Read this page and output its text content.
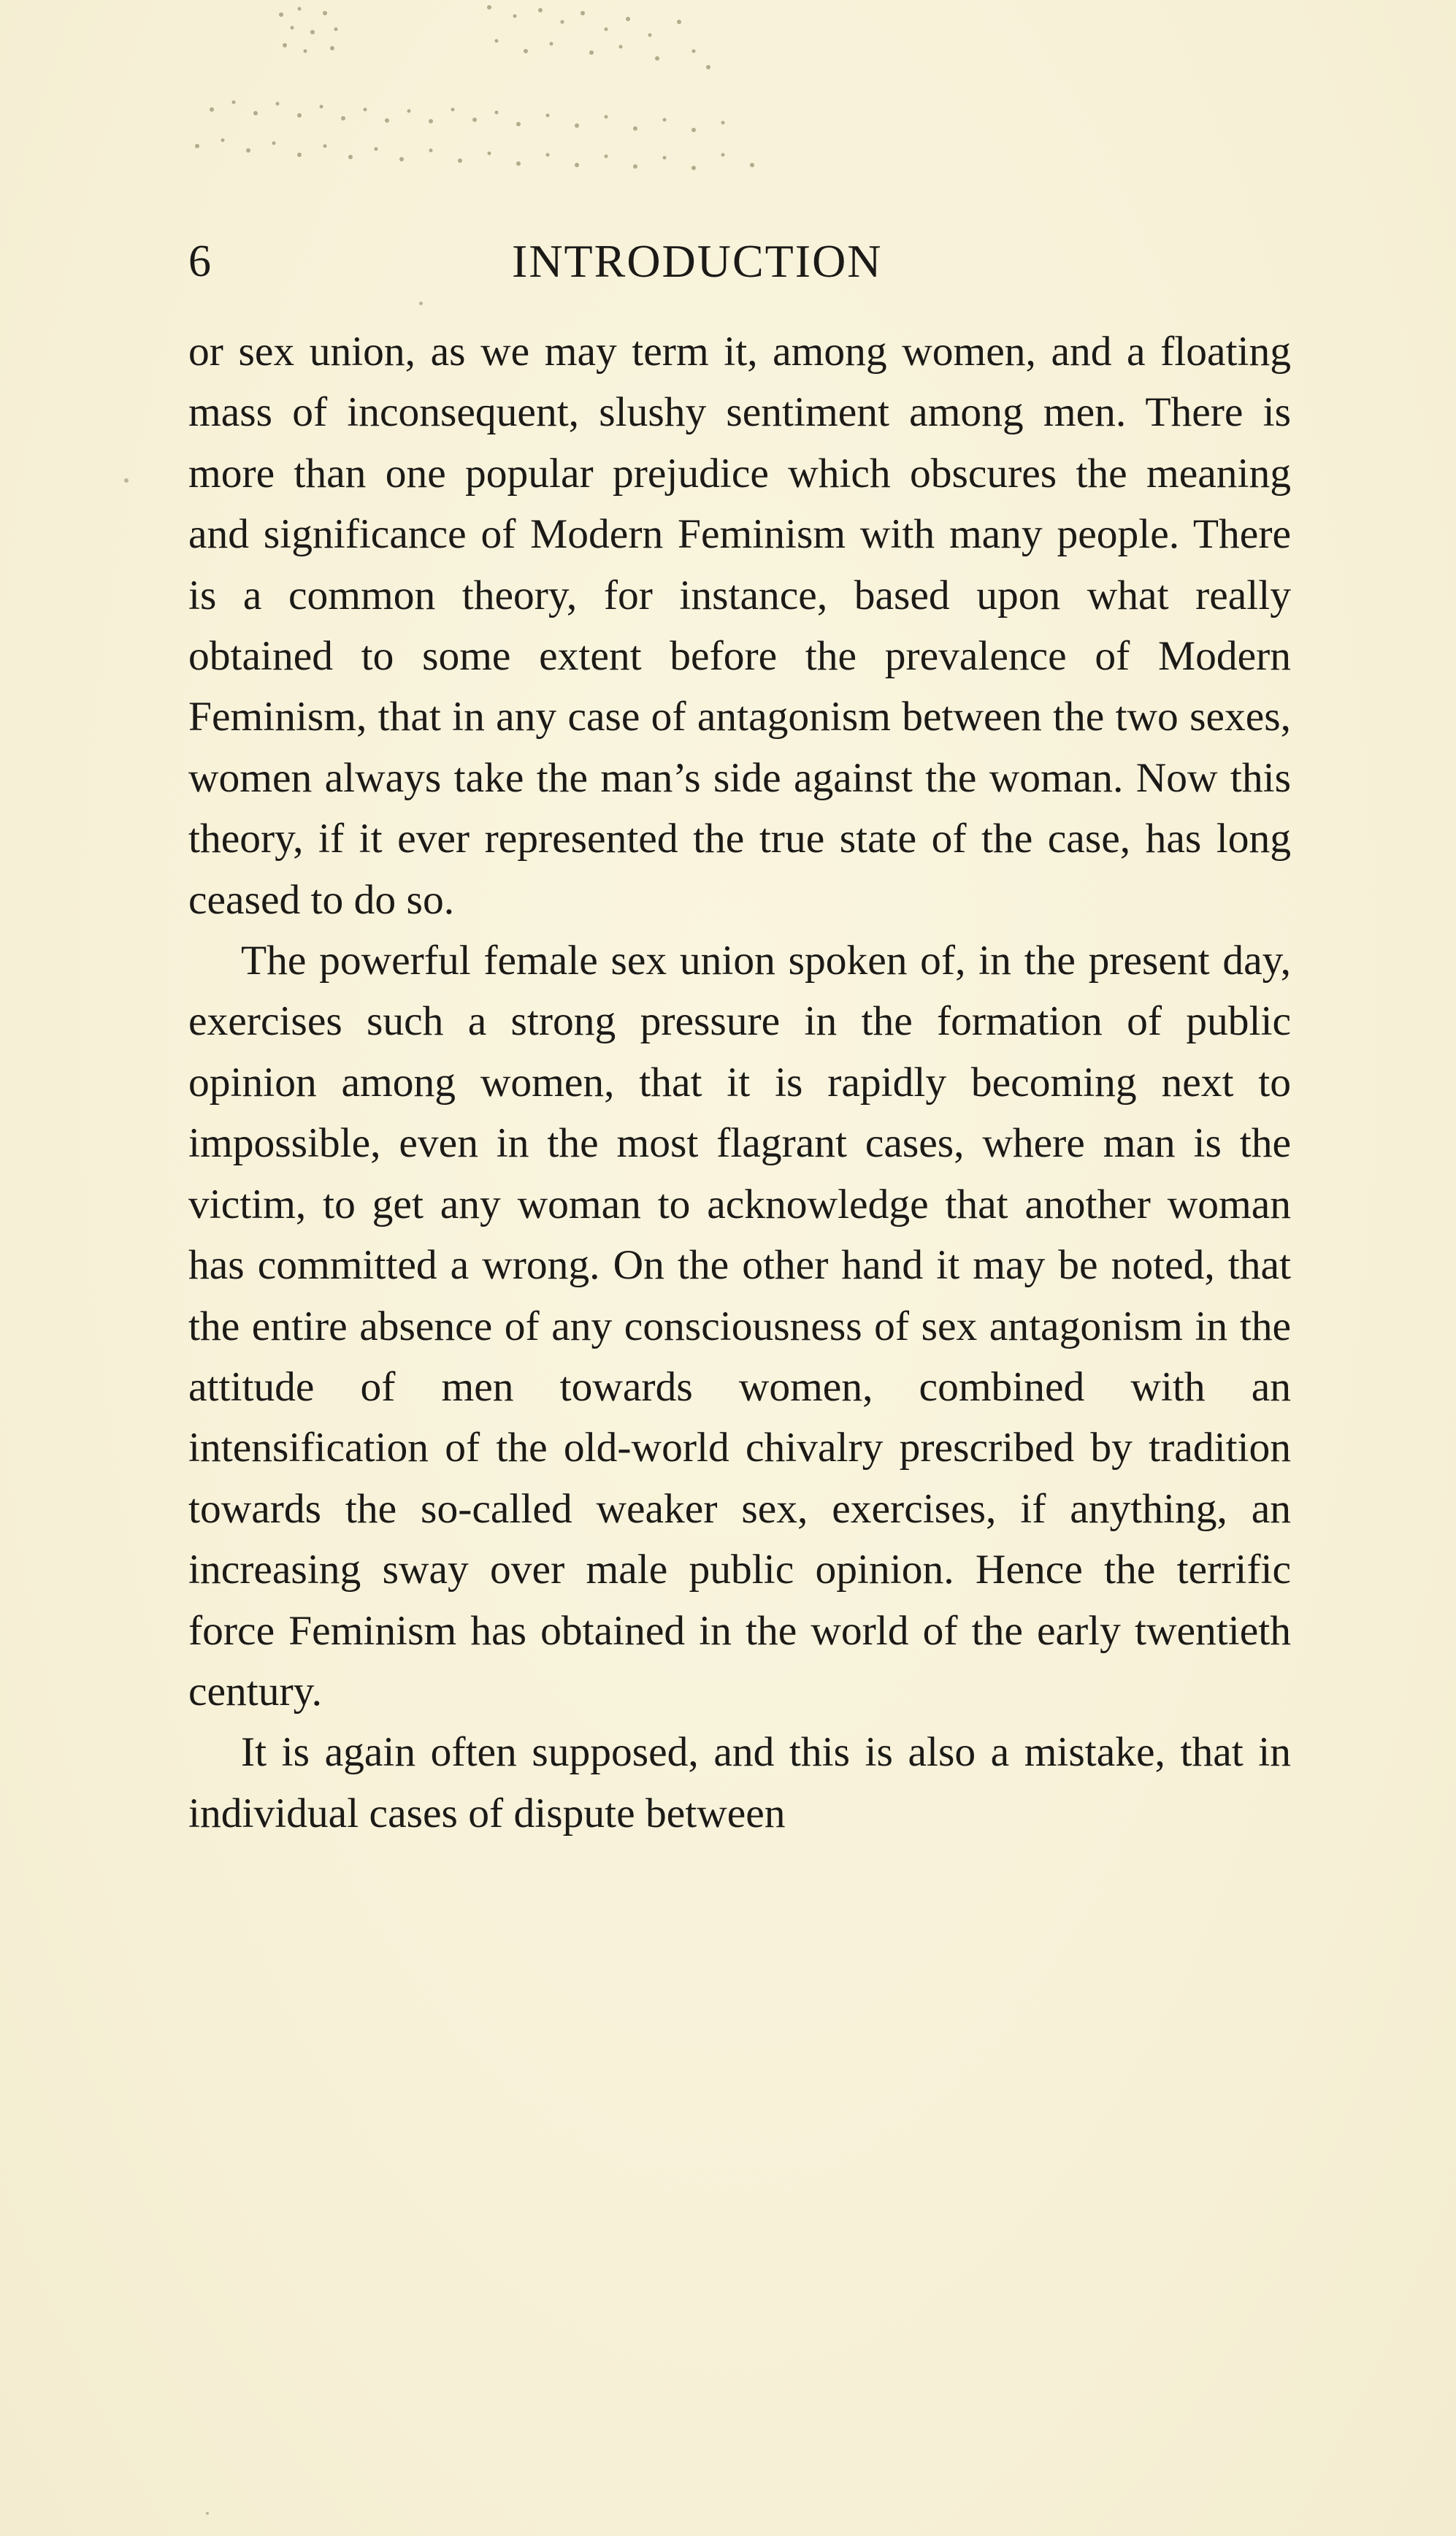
6	INTRODUCTION

or sex union, as we may term it, among women, and a floating mass of inconsequent, slushy sentiment among men. There is more than one popular prejudice which obscures the meaning and significance of Modern Feminism with many people. There is a common theory, for instance, based upon what really obtained to some extent before the prevalence of Modern Feminism, that in any case of antagonism between the two sexes, women always take the man’s side against the woman. Now this theory, if it ever represented the true state of the case, has long ceased to do so.

The powerful female sex union spoken of, in the present day, exercises such a strong pressure in the formation of public opinion among women, that it is rapidly becoming next to impossible, even in the most flagrant cases, where man is the victim, to get any woman to acknowledge that another woman has committed a wrong. On the other hand it may be noted, that the entire absence of any consciousness of sex antagonism in the attitude of men towards women, combined with an intensification of the old-world chivalry prescribed by tradition towards the so-called weaker sex, exercises, if anything, an increasing sway over male public opinion. Hence the terrific force Feminism has obtained in the world of the early twentieth century.

It is again often supposed, and this is also a mistake, that in individual cases of dispute between
